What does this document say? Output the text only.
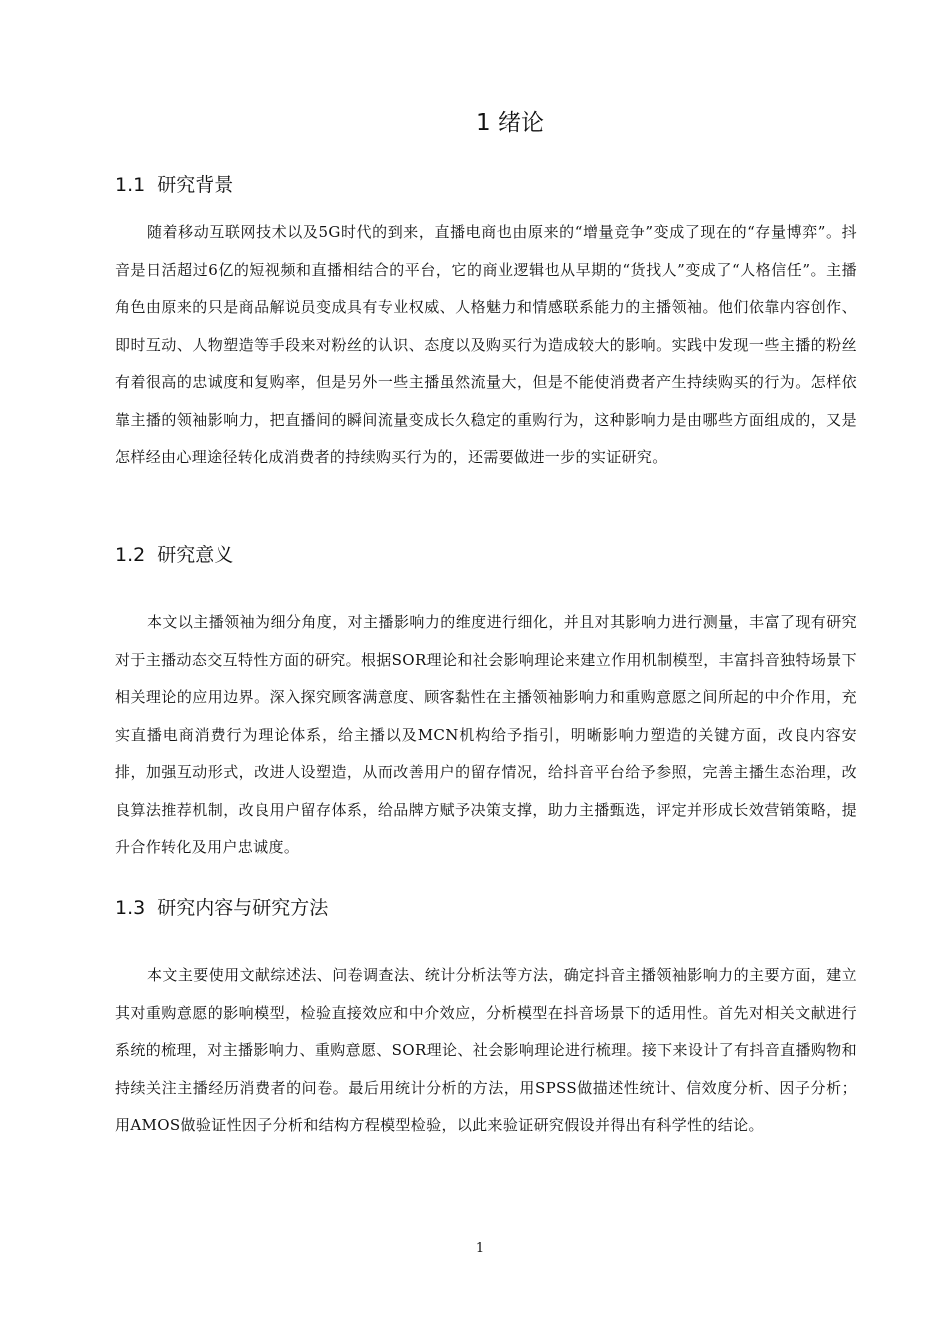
1 绪论
1.1 研究背景

随着移动互联网技术以及5G时代的到来，直播电商也由原来的“增量竞争”变成了现在的“存量博弈”。抖音是日活超过6亿的短视频和直播相结合的平台，它的商业逻辑也从早期的“货找人”变成了“人格信任”。主播角色由原来的只是商品解说员变成具有专业权威、人格魅力和情感联系能力的主播领袖。他们依靠内容创作、即时互动、人物塑造等手段来对粉丝的认识、态度以及购买行为造成较大的影响。实践中发现一些主播的粉丝有着很高的忠诚度和复购率，但是另外一些主播虽然流量大，但是不能使消费者产生持续购买的行为。怎样依靠主播的领袖影响力，把直播间的瞬间流量变成长久稳定的重购行为，这种影响力是由哪些方面组成的，又是怎样经由心理途径转化成消费者的持续购买行为的，还需要做进一步的实证研究。

1.2 研究意义

本文以主播领袖为细分角度，对主播影响力的维度进行细化，并且对其影响力进行测量，丰富了现有研究对于主播动态交互特性方面的研究。根据SOR理论和社会影响理论来建立作用机制模型，丰富抖音独特场景下相关理论的应用边界。深入探究顾客满意度、顾客黏性在主播领袖影响力和重购意愿之间所起的中介作用，充实直播电商消费行为理论体系，给主播以及MCN机构给予指引，明晰影响力塑造的关键方面，改良内容安排，加强互动形式，改进人设塑造，从而改善用户的留存情况，给抖音平台给予参照，完善主播生态治理，改良算法推荐机制，改良用户留存体系，给品牌方赋予决策支撑，助力主播甄选，评定并形成长效营销策略，提升合作转化及用户忠诚度。

1.3 研究内容与研究方法

本文主要使用文献综述法、问卷调查法、统计分析法等方法，确定抖音主播领袖影响力的主要方面，建立其对重购意愿的影响模型，检验直接效应和中介效应，分析模型在抖音场景下的适用性。首先对相关文献进行系统的梳理，对主播影响力、重购意愿、SOR理论、社会影响理论进行梳理。接下来设计了有抖音直播购物和持续关注主播经历消费者的问卷。最后用统计分析的方法，用SPSS做描述性统计、信效度分析、因子分析；用AMOS做验证性因子分析和结构方程模型检验，以此来验证研究假设并得出有科学性的结论。

1
